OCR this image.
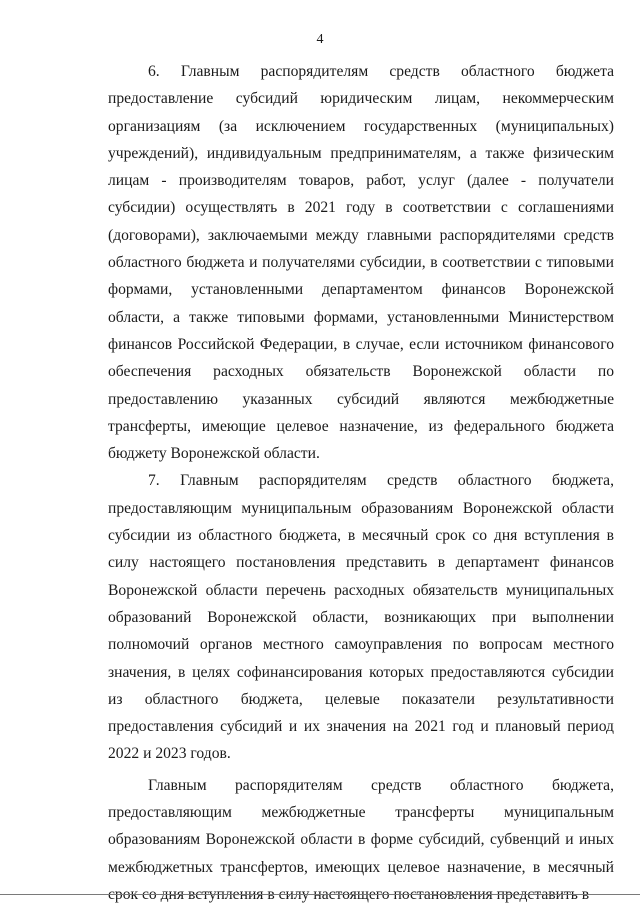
4

6. Главным распорядителям средств областного бюджета предоставление субсидий юридическим лицам, некоммерческим организациям (за исключением государственных (муниципальных) учреждений), индивидуальным предпринимателям, а также физическим лицам - производителям товаров, работ, услуг (далее - получатели субсидии) осуществлять в 2021 году в соответствии с соглашениями (договорами), заключаемыми между главными распорядителями средств областного бюджета и получателями субсидии, в соответствии с типовыми формами, установленными департаментом финансов Воронежской области, а также типовыми формами, установленными Министерством финансов Российской Федерации, в случае, если источником финансового обеспечения расходных обязательств Воронежской области по предоставлению указанных субсидий являются межбюджетные трансферты, имеющие целевое назначение, из федерального бюджета бюджету Воронежской области.

7. Главным распорядителям средств областного бюджета, предоставляющим муниципальным образованиям Воронежской области субсидии из областного бюджета, в месячный срок со дня вступления в силу настоящего постановления представить в департамент финансов Воронежской области перечень расходных обязательств муниципальных образований Воронежской области, возникающих при выполнении полномочий органов местного самоуправления по вопросам местного значения, в целях софинансирования которых предоставляются субсидии из областного бюджета, целевые показатели результативности предоставления субсидий и их значения на 2021 год и плановый период 2022 и 2023 годов.

Главным распорядителям средств областного бюджета, предоставляющим межбюджетные трансферты муниципальным образованиям Воронежской области в форме субсидий, субвенций и иных межбюджетных трансфертов, имеющих целевое назначение, в месячный срок со дня вступления в силу настоящего постановления представить в
